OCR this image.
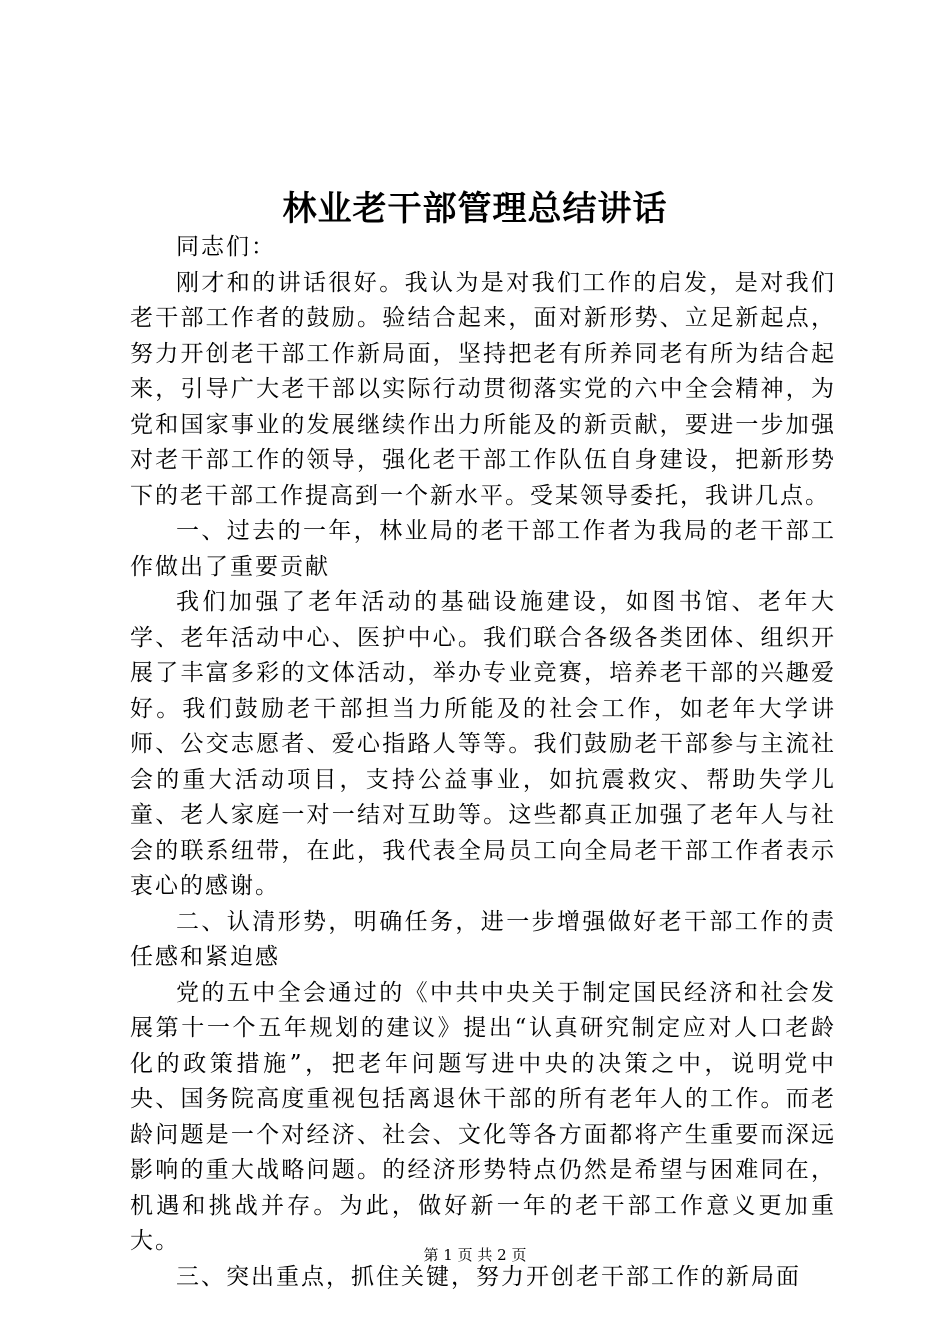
林业老干部管理总结讲话

同志们：

刚才和的讲话很好。我认为是对我们工作的启发，是对我们老干部工作者的鼓励。验结合起来，面对新形势、立足新起点，努力开创老干部工作新局面，坚持把老有所养同老有所为结合起来，引导广大老干部以实际行动贯彻落实党的六中全会精神，为党和国家事业的发展继续作出力所能及的新贡献，要进一步加强对老干部工作的领导，强化老干部工作队伍自身建设，把新形势下的老干部工作提高到一个新水平。受某领导委托，我讲几点。

一、过去的一年，林业局的老干部工作者为我局的老干部工作做出了重要贡献

我们加强了老年活动的基础设施建设，如图书馆、老年大学、老年活动中心、医护中心。我们联合各级各类团体、组织开展了丰富多彩的文体活动，举办专业竞赛，培养老干部的兴趣爱好。我们鼓励老干部担当力所能及的社会工作，如老年大学讲师、公交志愿者、爱心指路人等等。我们鼓励老干部参与主流社会的重大活动项目，支持公益事业，如抗震救灾、帮助失学儿童、老人家庭一对一结对互助等。这些都真正加强了老年人与社会的联系纽带，在此，我代表全局员工向全局老干部工作者表示衷心的感谢。

二、认清形势，明确任务，进一步增强做好老干部工作的责任感和紧迫感

党的五中全会通过的《中共中央关于制定国民经济和社会发展第十一个五年规划的建议》提出“认真研究制定应对人口老龄化的政策措施”，把老年问题写进中央的决策之中，说明党中央、国务院高度重视包括离退休干部的所有老年人的工作。而老龄问题是一个对经济、社会、文化等各方面都将产生重要而深远影响的重大战略问题。的经济形势特点仍然是希望与困难同在，机遇和挑战并存。为此，做好新一年的老干部工作意义更加重大。

三、突出重点，抓住关键，努力开创老干部工作的新局面

第 1 页 共 2 页
